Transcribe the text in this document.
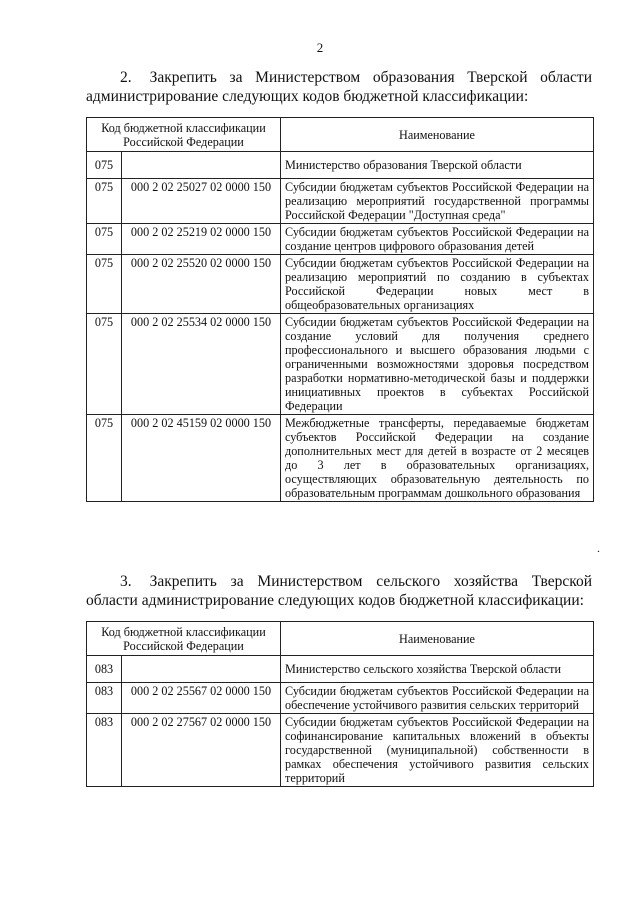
2
2. Закрепить за Министерством образования Тверской области администрирование следующих кодов бюджетной классификации:
Код бюджетной классификации Российской Федерации		Наименование
075		Министерство образования Тверской области
075	000 2 02 25027 02 0000 150	Субсидии бюджетам субъектов Российской Федерации на реализацию мероприятий государственной программы Российской Федерации "Доступная среда"
075	000 2 02 25219 02 0000 150	Субсидии бюджетам субъектов Российской Федерации на создание центров цифрового образования детей
075	000 2 02 25520 02 0000 150	Субсидии бюджетам субъектов Российской Федерации на реализацию мероприятий по созданию в субъектах Российской Федерации новых мест в общеобразовательных организациях
075	000 2 02 25534 02 0000 150	Субсидии бюджетам субъектов Российской Федерации на создание условий для получения среднего профессионального и высшего образования людьми с ограниченными возможностями здоровья посредством разработки нормативно-методической базы и поддержки инициативных проектов в субъектах Российской Федерации
075	000 2 02 45159 02 0000 150	Межбюджетные трансферты, передаваемые бюджетам субъектов Российской Федерации на создание дополнительных мест для детей в возрасте от 2 месяцев до 3 лет в образовательных организациях, осуществляющих образовательную деятельность по образовательным программам дошкольного образования
.
3. Закрепить за Министерством сельского хозяйства Тверской области администрирование следующих кодов бюджетной классификации:
Код бюджетной классификации Российской Федерации		Наименование
083		Министерство сельского хозяйства Тверской области
083	000 2 02 25567 02 0000 150	Субсидии бюджетам субъектов Российской Федерации на обеспечение устойчивого развития сельских территорий
083	000 2 02 27567 02 0000 150	Субсидии бюджетам субъектов Российской Федерации на софинансирование капитальных вложений в объекты государственной (муниципальной) собственности в рамках обеспечения устойчивого развития сельских территорий
